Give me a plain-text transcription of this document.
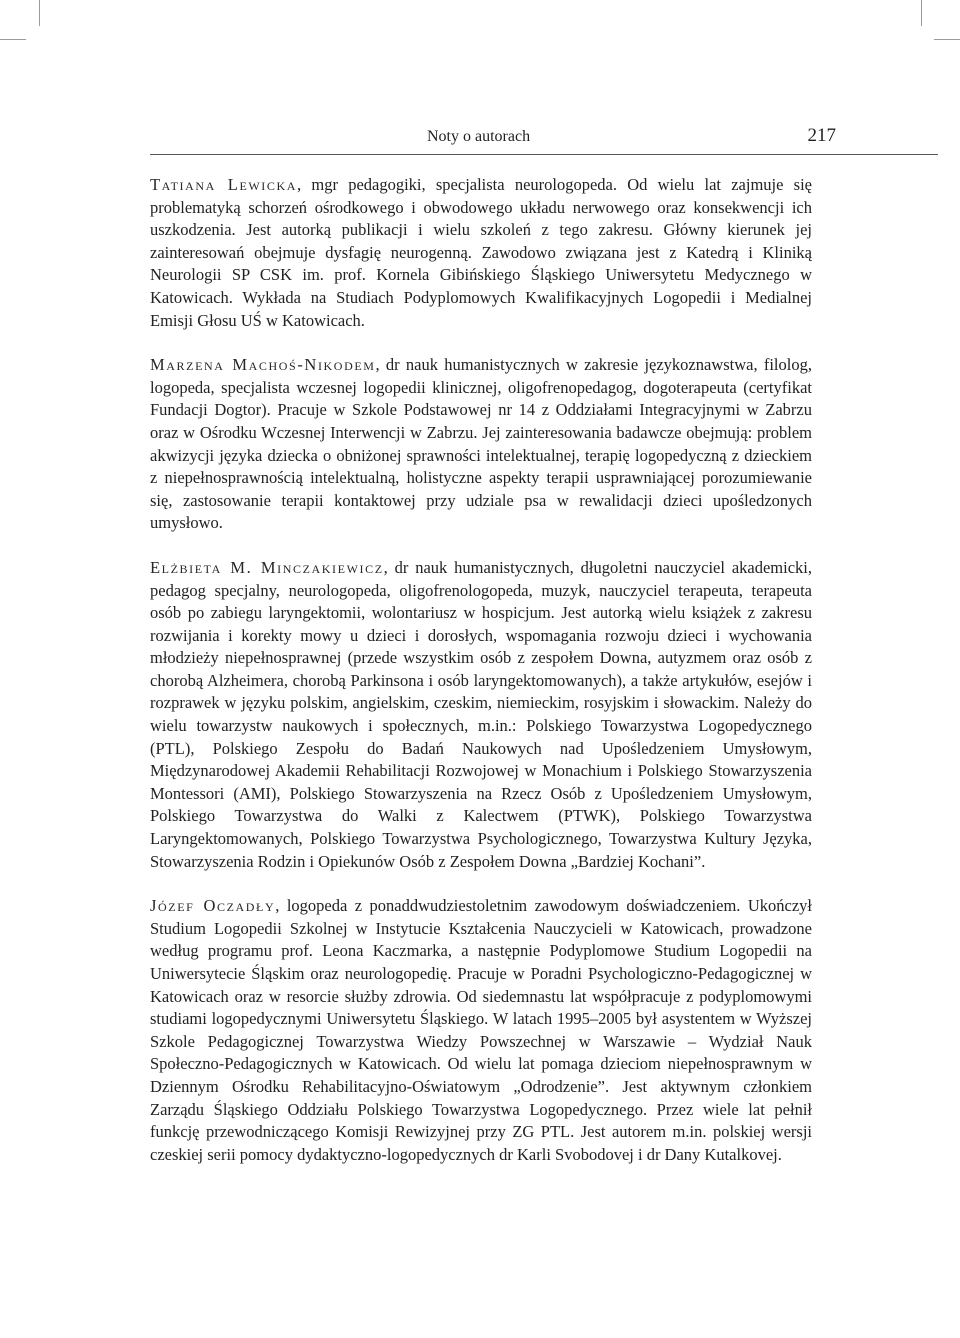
Noty o autorach	217

Tatiana Lewicka, mgr pedagogiki, specjalista neurologopeda. Od wielu lat zajmuje się problematyką schorzeń ośrodkowego i obwodowego układu nerwowego oraz konsekwencji ich uszkodzenia. Jest autorką publikacji i wielu szkoleń z tego zakresu. Główny kierunek jej zainteresowań obejmuje dysfagię neurogenną. Zawodowo związana jest z Katedrą i Kliniką Neurologii SP CSK im. prof. Kornela Gibińskiego Śląskiego Uniwersytetu Medycznego w Katowicach. Wykłada na Studiach Podyplomowych Kwalifikacyjnych Logopedii i Medialnej Emisji Głosu UŚ w Katowicach.

Marzena Machoś-Nikodem, dr nauk humanistycznych w zakresie językoznawstwa, filolog, logopeda, specjalista wczesnej logopedii klinicznej, oligofrenopedagog, dogoterapeuta (certyfikat Fundacji Dogtor). Pracuje w Szkole Podstawowej nr 14 z Oddziałami Integracyjnymi w Zabrzu oraz w Ośrodku Wczesnej Interwencji w Zabrzu. Jej zainteresowania badawcze obejmują: problem akwizycji języka dziecka o obniżonej sprawności intelektualnej, terapię logopedyczną z dzieckiem z niepełnosprawnością intelektualną, holistyczne aspekty terapii usprawniającej porozumiewanie się, zastosowanie terapii kontaktowej przy udziale psa w rewalidacji dzieci upośledzonych umysłowo.

Elżbieta M. Minczakiewicz, dr nauk humanistycznych, długoletni nauczyciel akademicki, pedagog specjalny, neurologopeda, oligofrenologopeda, muzyk, nauczyciel terapeuta, terapeuta osób po zabiegu laryngektomii, wolontariusz w hospicjum. Jest autorką wielu książek z zakresu rozwijania i korekty mowy u dzieci i dorosłych, wspomagania rozwoju dzieci i wychowania młodzieży niepełnosprawnej (przede wszystkim osób z zespołem Downa, autyzmem oraz osób z chorobą Alzheimera, chorobą Parkinsona i osób laryngektomowanych), a także artykułów, esejów i rozprawek w języku polskim, angielskim, czeskim, niemieckim, rosyjskim i słowackim. Należy do wielu towarzystw naukowych i społecznych, m.in.: Polskiego Towarzystwa Logopedycznego (PTL), Polskiego Zespołu do Badań Naukowych nad Upośledzeniem Umysłowym, Międzynarodowej Akademii Rehabilitacji Rozwojowej w Monachium i Polskiego Stowarzyszenia Montessori (AMI), Polskiego Stowarzyszenia na Rzecz Osób z Upośledzeniem Umysłowym, Polskiego Towarzystwa do Walki z Kalectwem (PTWK), Polskiego Towarzystwa Laryngektomowanych, Polskiego Towarzystwa Psychologicznego, Towarzystwa Kultury Języka, Stowarzyszenia Rodzin i Opiekunów Osób z Zespołem Downa „Bardziej Kochani”.

Józef Oczadły, logopeda z ponaddwudziestoletnim zawodowym doświadczeniem. Ukończył Studium Logopedii Szkolnej w Instytucie Kształcenia Nauczycieli w Katowicach, prowadzone według programu prof. Leona Kaczmarka, a następnie Podyplomowe Studium Logopedii na Uniwersytecie Śląskim oraz neurologopedię. Pracuje w Poradni Psychologiczno-Pedagogicznej w Katowicach oraz w resorcie służby zdrowia. Od siedemnastu lat współpracuje z podyplomowymi studiami logopedycznymi Uniwersytetu Śląskiego. W latach 1995–2005 był asystentem w Wyższej Szkole Pedagogicznej Towarzystwa Wiedzy Powszechnej w Warszawie – Wydział Nauk Społeczno-Pedagogicznych w Katowicach. Od wielu lat pomaga dzieciom niepełnosprawnym w Dziennym Ośrodku Rehabilitacyjno-Oświatowym „Odrodzenie”. Jest aktywnym członkiem Zarządu Śląskiego Oddziału Polskiego Towarzystwa Logopedycznego. Przez wiele lat pełnił funkcję przewodniczącego Komisji Rewizyjnej przy ZG PTL. Jest autorem m.in. polskiej wersji czeskiej serii pomocy dydaktyczno-logopedycznych dr Karli Svobodovej i dr Dany Kutalkovej.
